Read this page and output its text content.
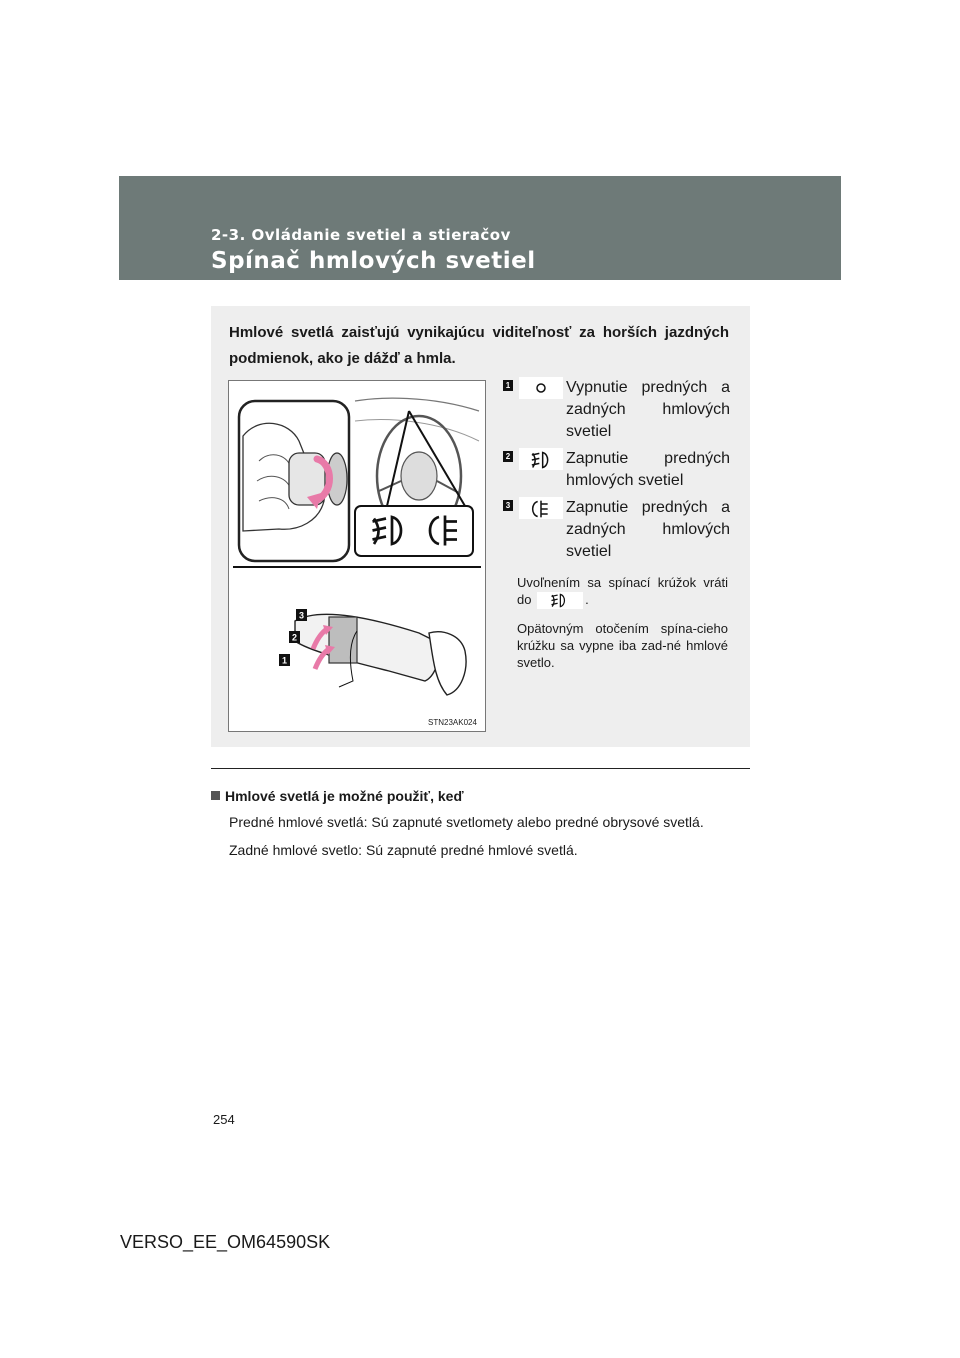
2-3. Ovládanie svetiel a stieračov
Spínač hmlových svetiel
Hmlové svetlá zaisťujú vynikajúcu viditeľnosť za horších jazdných podmienok, ako je dážď a hmla.
3
2
1
STN23AK024
1	Vypnutie predných a zadných hmlových svetiel
2	Zapnutie predných hmlových svetiel
3	Zapnutie predných a zadných hmlových svetiel
Uvoľnením sa spínací krúžok vráti do	.
Opätovným otočením spína-cieho krúžku sa vypne iba zad-né hmlové svetlo.
Hmlové svetlá je možné použiť, keď
Predné hmlové svetlá: Sú zapnuté svetlomety alebo predné obrysové svetlá.
Zadné hmlové svetlo: Sú zapnuté predné hmlové svetlá.
254
VERSO_EE_OM64590SK
